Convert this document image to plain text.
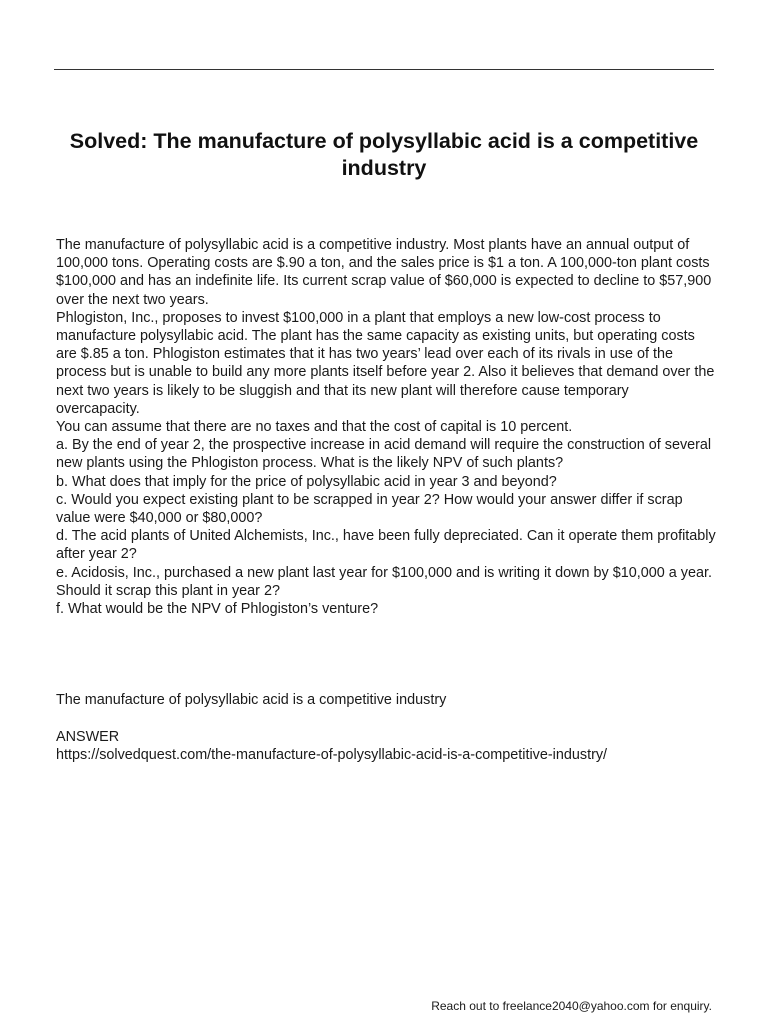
Solved: The manufacture of polysyllabic acid is a competitive industry

The manufacture of polysyllabic acid is a competitive industry. Most plants have an annual output of 100,000 tons. Operating costs are $.90 a ton, and the sales price is $1 a ton. A 100,000-ton plant costs $100,000 and has an indefinite life. Its current scrap value of $60,000 is expected to decline to $57,900 over the next two years.

Phlogiston, Inc., proposes to invest $100,000 in a plant that employs a new low-cost process to manufacture polysyllabic acid. The plant has the same capacity as existing units, but operating costs are $.85 a ton. Phlogiston estimates that it has two years’ lead over each of its rivals in use of the process but is unable to build any more plants itself before year 2. Also it believes that demand over the next two years is likely to be sluggish and that its new plant will therefore cause temporary overcapacity.

You can assume that there are no taxes and that the cost of capital is 10 percent.

a. By the end of year 2, the prospective increase in acid demand will require the construction of several new plants using the Phlogiston process. What is the likely NPV of such plants?

b. What does that imply for the price of polysyllabic acid in year 3 and beyond?

c. Would you expect existing plant to be scrapped in year 2? How would your answer differ if scrap value were $40,000 or $80,000?

d. The acid plants of United Alchemists, Inc., have been fully depreciated. Can it operate them profitably after year 2?

e. Acidosis, Inc., purchased a new plant last year for $100,000 and is writing it down by $10,000 a year. Should it scrap this plant in year 2?

f. What would be the NPV of Phlogiston’s venture?

The manufacture of polysyllabic acid is a competitive industry

ANSWER
https://solvedquest.com/the-manufacture-of-polysyllabic-acid-is-a-competitive-industry/
Reach out to freelance2040@yahoo.com for enquiry.
